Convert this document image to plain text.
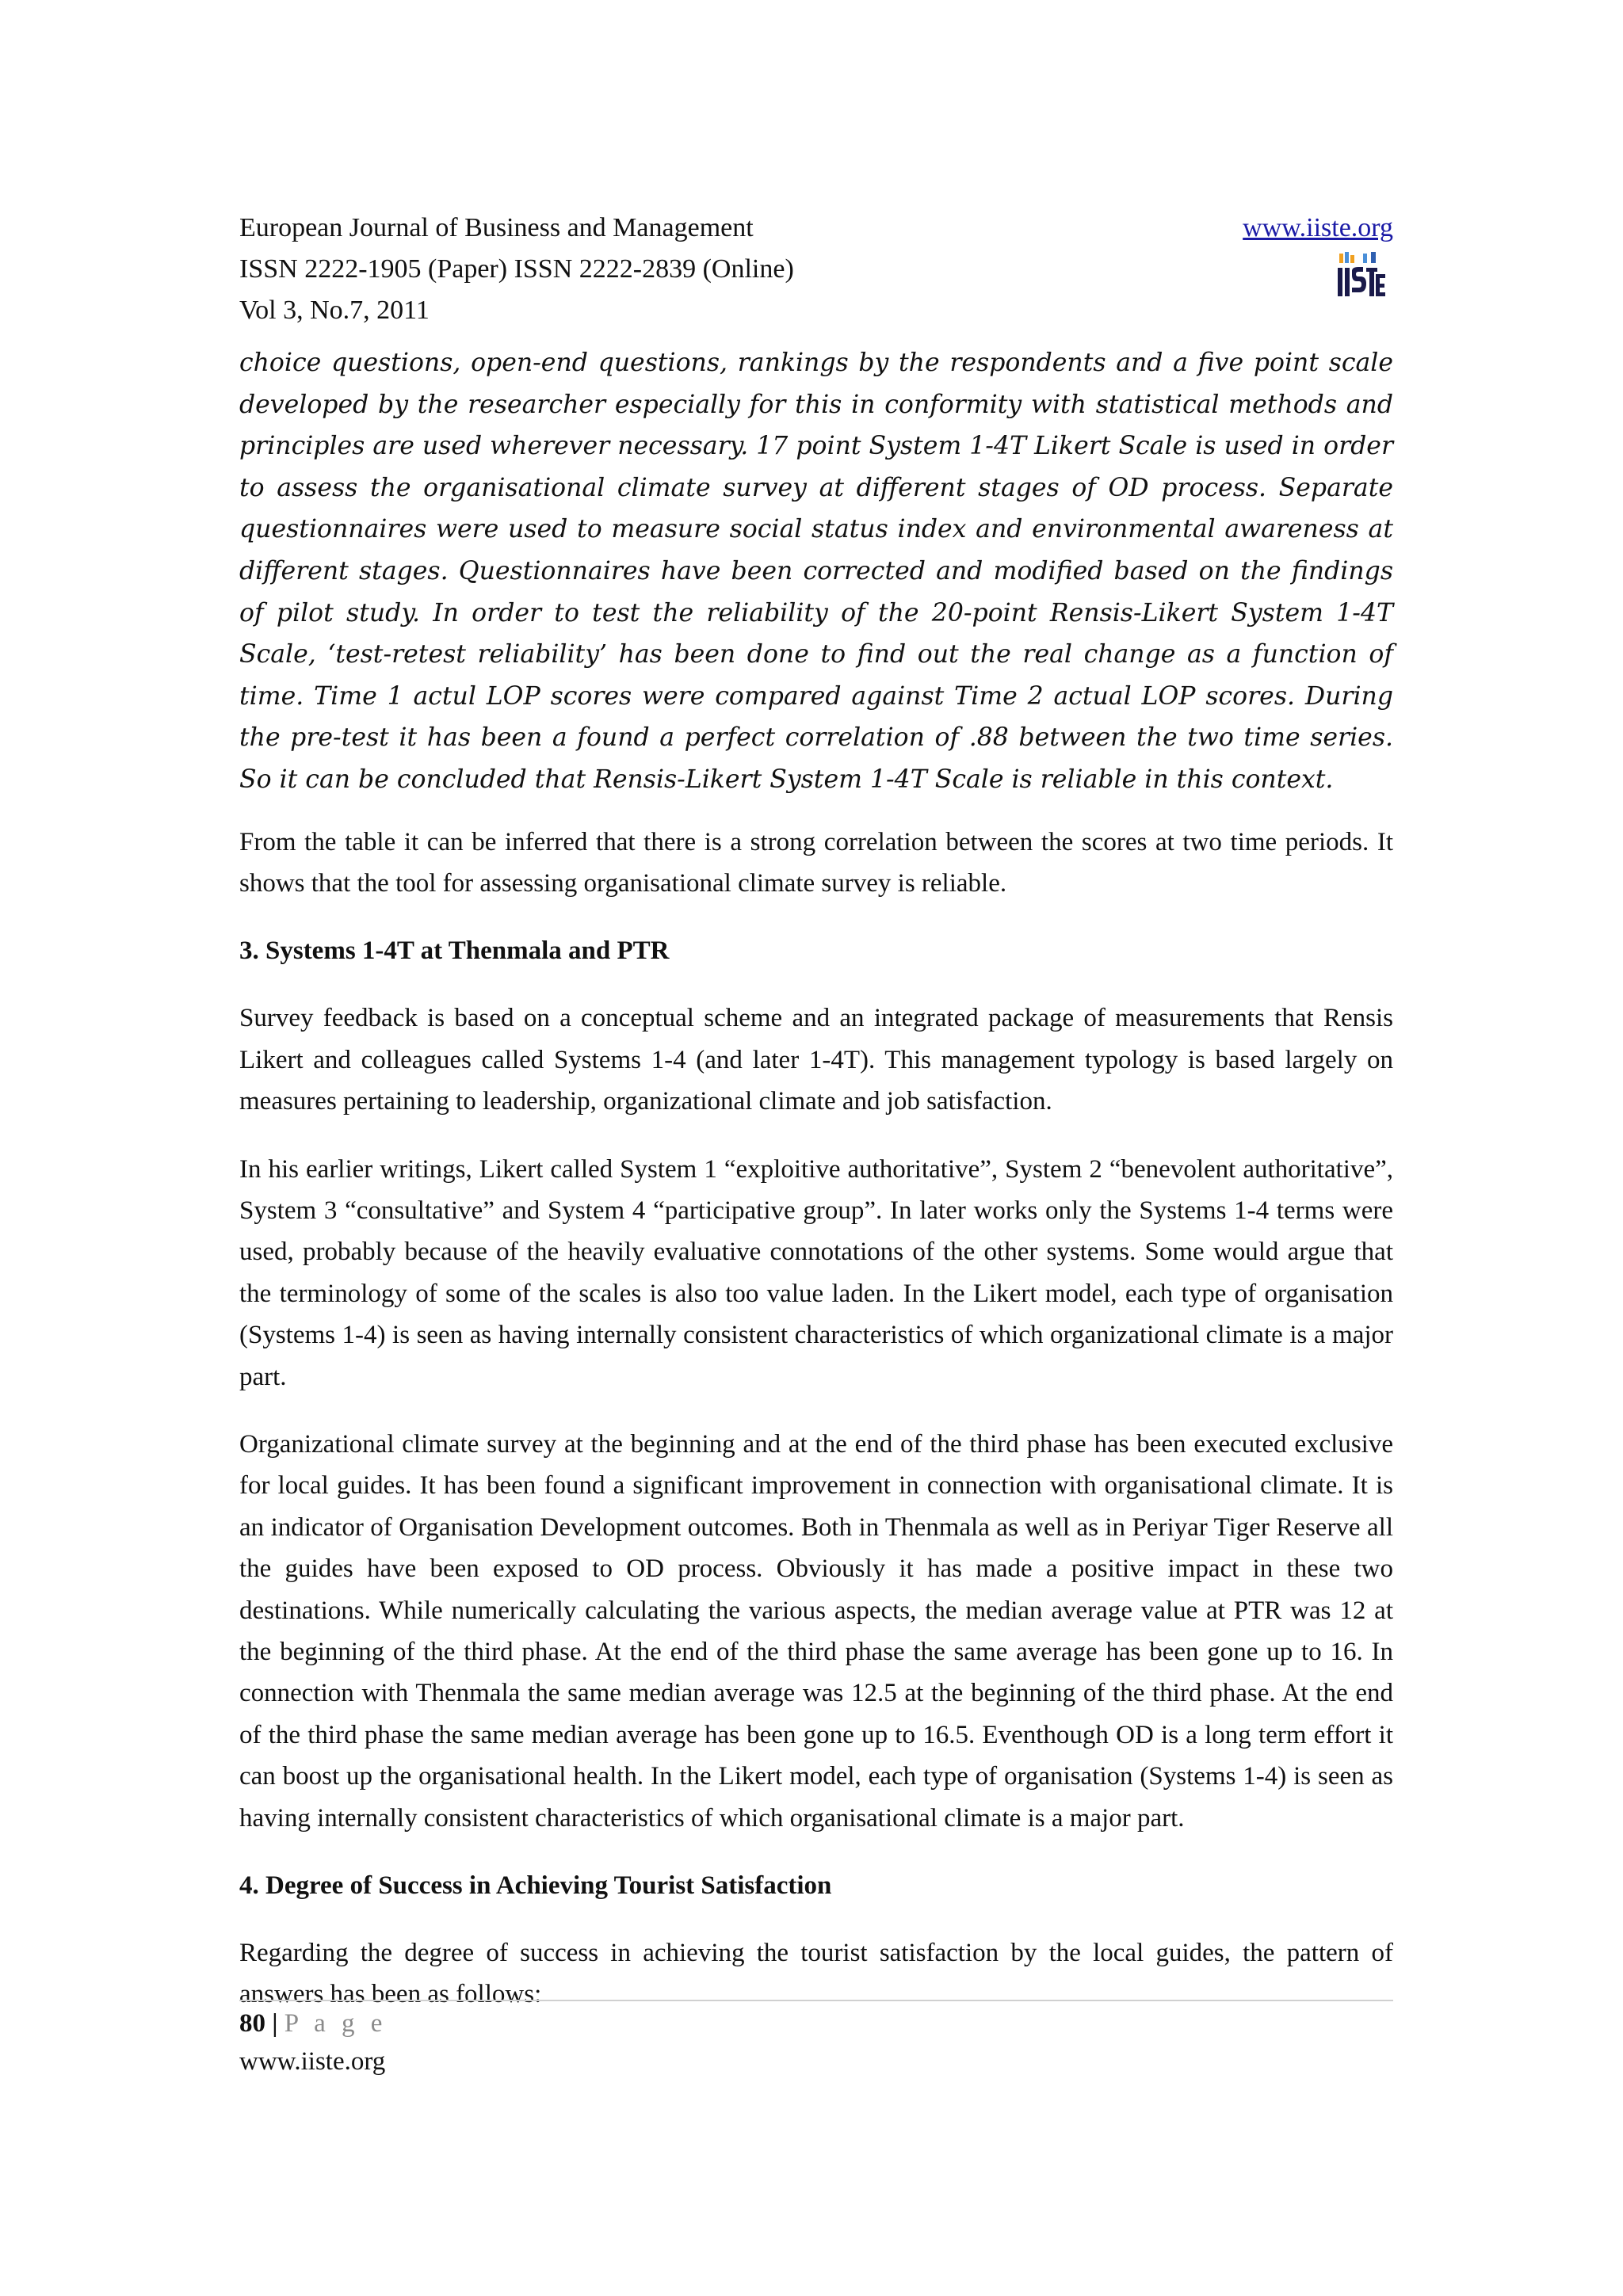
European Journal of Business and Management
ISSN 2222-1905 (Paper) ISSN 2222-2839 (Online)
Vol 3, No.7, 2011
www.iiste.org

choice questions, open-end questions, rankings by the respondents and a five point scale developed by the researcher especially for this in conformity with statistical methods and principles are used wherever necessary. 17 point System 1-4T Likert Scale is used in order to assess the organisational climate survey at different stages of OD process. Separate questionnaires were used to measure social status index and environmental awareness at different stages. Questionnaires have been corrected and modified based on the findings of pilot study. In order to test the reliability of the 20-point Rensis-Likert System 1-4T Scale, ‘test-retest reliability’ has been done to find out the real change as a function of time. Time 1 actul LOP scores were compared against Time 2 actual LOP scores. During the pre-test it has been a found a perfect correlation of .88 between the two time series. So it can be concluded that Rensis-Likert System 1-4T Scale is reliable in this context.

From the table it can be inferred that there is a strong correlation between the scores at two time periods. It shows that the tool for assessing organisational climate survey is reliable.

3. Systems 1-4T at Thenmala and PTR

Survey feedback is based on a conceptual scheme and an integrated package of measurements that Rensis Likert and colleagues called Systems 1-4 (and later 1-4T). This management typology is based largely on measures pertaining to leadership, organizational climate and job satisfaction.

In his earlier writings, Likert called System 1 “exploitive authoritative”, System 2 “benevolent authoritative”, System 3 “consultative” and System 4 “participative group”. In later works only the Systems 1-4 terms were used, probably because of the heavily evaluative connotations of the other systems. Some would argue that the terminology of some of the scales is also too value laden. In the Likert model, each type of organisation (Systems 1-4) is seen as having internally consistent characteristics of which organizational climate is a major part.

Organizational climate survey at the beginning and at the end of the third phase has been executed exclusive for local guides. It has been found a significant improvement in connection with organisational climate. It is an indicator of Organisation Development outcomes. Both in Thenmala as well as in Periyar Tiger Reserve all the guides have been exposed to OD process. Obviously it has made a positive impact in these two destinations. While numerically calculating the various aspects, the median average value at PTR was 12 at the beginning of the third phase. At the end of the third phase the same average has been gone up to 16. In connection with Thenmala the same median average was 12.5 at the beginning of the third phase. At the end of the third phase the same median average has been gone up to 16.5. Eventhough OD is a long term effort it can boost up the organisational health. In the Likert model, each type of organisation (Systems 1-4) is seen as having internally consistent characteristics of which organisational climate is a major part.

4. Degree of Success in Achieving Tourist Satisfaction

Regarding the degree of success in achieving the tourist satisfaction by the local guides, the pattern of answers has been as follows:

80 | P a g e
www.iiste.org
